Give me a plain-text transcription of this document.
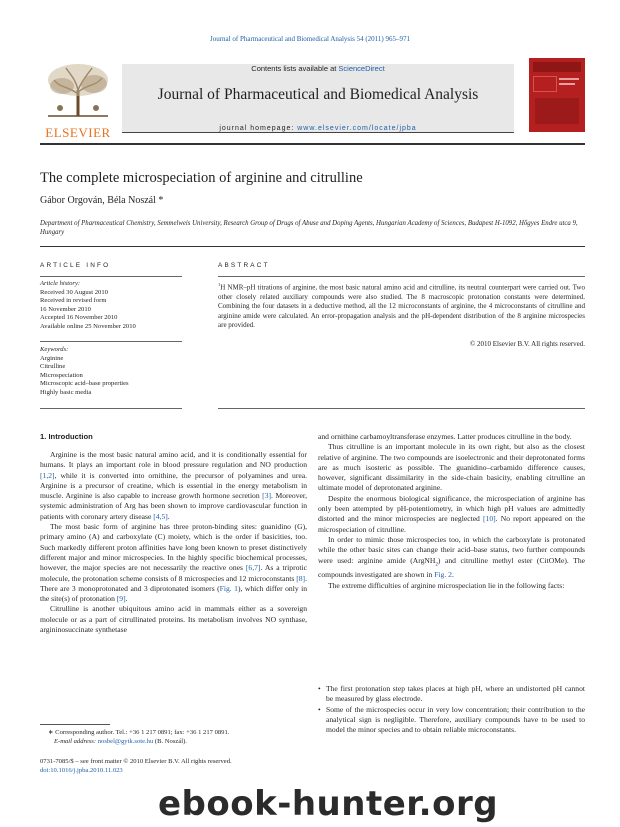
Journal of Pharmaceutical and Biomedical Analysis 54 (2011) 965–971
ELSEVIER
Contents lists available at ScienceDirect
Journal of Pharmaceutical and Biomedical Analysis
journal homepage: www.elsevier.com/locate/jpba
The complete microspeciation of arginine and citrulline
Gábor Orgován, Béla Noszál *
Department of Pharmaceutical Chemistry, Semmelweis University, Research Group of Drugs of Abuse and Doping Agents, Hungarian Academy of Sciences, Budapest H-1092, Hőgyes Endre utca 9, Hungary
ARTICLE INFO
Article history:
Received 30 August 2010
Received in revised form
16 November 2010
Accepted 16 November 2010
Available online 25 November 2010
Keywords:
Arginine
Citrulline
Microspeciation
Microscopic acid–base properties
Highly basic media
ABSTRACT
$^1$H NMR–pH titrations of arginine, the most basic natural amino acid and citrulline, its neutral counterpart were carried out. Two other closely related auxiliary compounds were also studied. The 8 macroscopic protonation constants were determined. Combining the four datasets in a deductive method, all the 12 microconstants of arginine, the 4 microconstants of citrulline and arginine amide were calculated. An error-propagation analysis and the pH-dependent distribution of the 8 arginine microspecies are provided.
© 2010 Elsevier B.V. All rights reserved.
1. Introduction

Arginine is the most basic natural amino acid, and it is conditionally essential for humans. It plays an important role in blood pressure regulation and NO production [1,2], while it is converted into ornithine, the precursor of polyamines and urea. Arginine is a precursor of creatine, which is essential in the energy metabolism in muscle. Arginine is also capable to increase growth hormone secretion [3]. Moreover, systemic administration of Arg has been shown to improve cardiovascular function in patients with coronary artery disease [4,5].

The most basic form of arginine has three proton-binding sites: guanidino (G), primary amino (A) and carboxylate (C) moiety, which is the order if basicities, too. Such markedly different proton affinities have long been known to preset distinctively different major and minor microspecies. In the highly specific biochemical processes, however, the major species are not necessarily the reactive ones [6,7]. As a triprotic molecule, the protonation scheme consists of 8 microspecies and 12 microconstants [8]. There are 3 monoprotonated and 3 diprotonated isomers (Fig. 1), which differ only in the site(s) of protonation [9].

Citrulline is another ubiquitous amino acid in mammals either as a sovereign molecule or as a part of citrullinated proteins. Its metabolism involves NO synthase, argininosuccinate synthetase

and ornithine carbamoyltransferase enzymes. Latter produces citrulline in the body.

Thus citrulline is an important molecule in its own right, but also as the closest relative of arginine. The two compounds are isoelectronic and their deprotonated forms are as much isosteric as possible. The guanidino–carbamido difference causes, however, significant dissimilarity in the side-chain basicity, enabling citrulline an ultimate model of deprotonated arginine.

Despite the enormous biological significance, the microspeciation of arginine has only been attempted by pH-potentiometry, in which high pH values are admittedly distorted and the minor microspecies are neglected [10]. No report appeared on the microspeciation of citrulline.

In order to mimic those microspecies too, in which the carboxylate is protonated while the other basic sites can change their acid–base status, two further compounds were used: arginine amide (ArgNH$_2$) and citrulline methyl ester (CitOMe). The compounds investigated are shown in Fig. 2.

The extreme difficulties of arginine microspeciation lie in the following facts:

• The first protonation step takes places at high pH, where an undistorted pH cannot be measured by glass electrode.
• Some of the microspecies occur in very low concentration; their contribution to the analytical sign is negligible. Therefore, auxiliary compounds have to be used to model the minor species and to obtain reliable microconstants.
∗ Corresponding author. Tel.: +36 1 217 0891; fax: +36 1 217 0891.
E-mail address: nosbel@gytk.sote.hu (B. Noszál).
0731-7085/$ – see front matter © 2010 Elsevier B.V. All rights reserved.
doi:10.1016/j.jpba.2010.11.023
ebook-hunter.org
